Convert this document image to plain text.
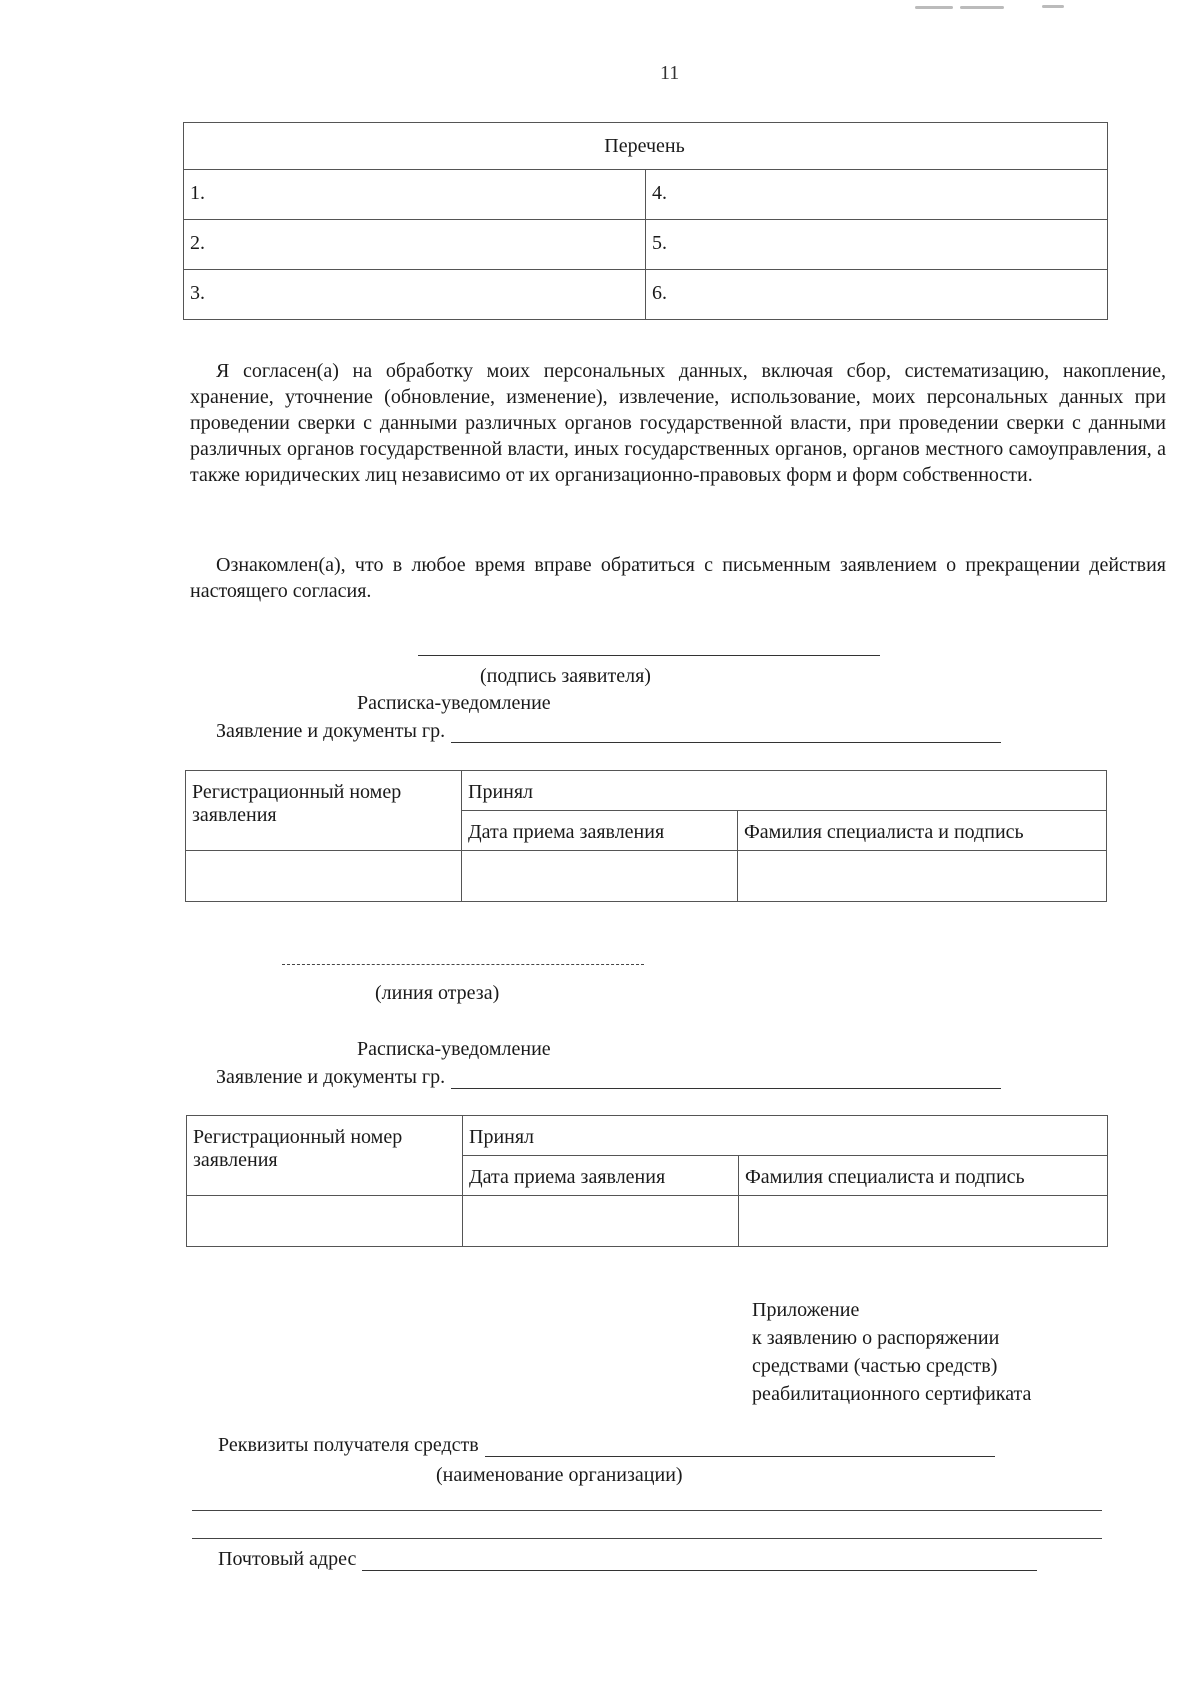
11
Перечень	
1.	4.
2.	5.
3.	6.

Я согласен(а) на обработку моих персональных данных, включая сбор, систематизацию, накопление, хранение, уточнение (обновление, изменение), извлечение, использование, моих персональных данных при проведении сверки с данными различных органов государственной власти, при проведении сверки с данными различных органов государственной власти, иных государственных органов, органов местного самоуправления, а также юридических лиц независимо от их организационно-правовых форм и форм собственности.

Ознакомлен(а), что в любое время вправе обратиться с письменным заявлением о прекращении действия настоящего согласия.

(подпись заявителя)
Расписка-уведомление
Заявление и документы гр.
Регистрационный номер заявления	Принял	
	Дата приема заявления	Фамилия специалиста и подпись

(линия отреза)
Расписка-уведомление
Заявление и документы гр.
Регистрационный номер заявления	Принял	
	Дата приема заявления	Фамилия специалиста и подпись

Приложение
к заявлению о распоряжении
средствами (частью средств)
реабилитационного сертификата
Реквизиты получателя средств
(наименование организации)
Почтовый адрес
